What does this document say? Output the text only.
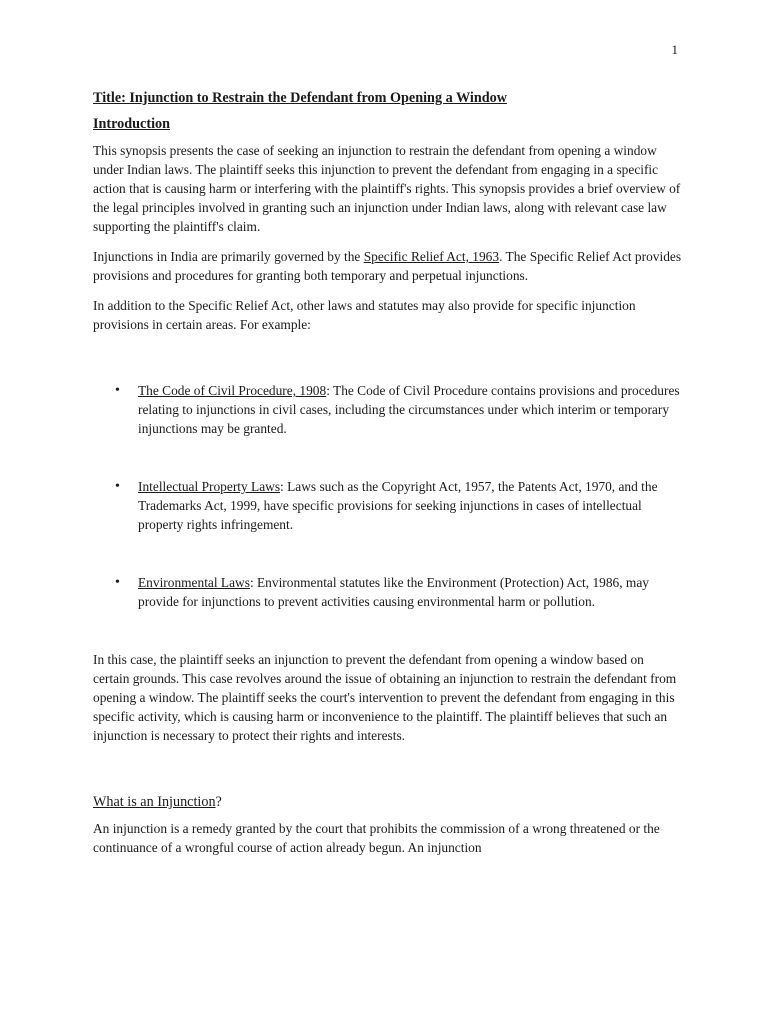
1

Title: Injunction to Restrain the Defendant from Opening a Window

Introduction

This synopsis presents the case of seeking an injunction to restrain the defendant from opening a window under Indian laws. The plaintiff seeks this injunction to prevent the defendant from engaging in a specific action that is causing harm or interfering with the plaintiff's rights. This synopsis provides a brief overview of the legal principles involved in granting such an injunction under Indian laws, along with relevant case law supporting the plaintiff's claim.

Injunctions in India are primarily governed by the Specific Relief Act, 1963. The Specific Relief Act provides provisions and procedures for granting both temporary and perpetual injunctions.

In addition to the Specific Relief Act, other laws and statutes may also provide for specific injunction provisions in certain areas. For example:

• The Code of Civil Procedure, 1908: The Code of Civil Procedure contains provisions and procedures relating to injunctions in civil cases, including the circumstances under which interim or temporary injunctions may be granted.
• Intellectual Property Laws: Laws such as the Copyright Act, 1957, the Patents Act, 1970, and the Trademarks Act, 1999, have specific provisions for seeking injunctions in cases of intellectual property rights infringement.
• Environmental Laws: Environmental statutes like the Environment (Protection) Act, 1986, may provide for injunctions to prevent activities causing environmental harm or pollution.

In this case, the plaintiff seeks an injunction to prevent the defendant from opening a window based on certain grounds. This case revolves around the issue of obtaining an injunction to restrain the defendant from opening a window. The plaintiff seeks the court's intervention to prevent the defendant from engaging in this specific activity, which is causing harm or inconvenience to the plaintiff. The plaintiff believes that such an injunction is necessary to protect their rights and interests.

What is an Injunction?

An injunction is a remedy granted by the court that prohibits the commission of a wrong threatened or the continuance of a wrongful course of action already begun. An injunction
